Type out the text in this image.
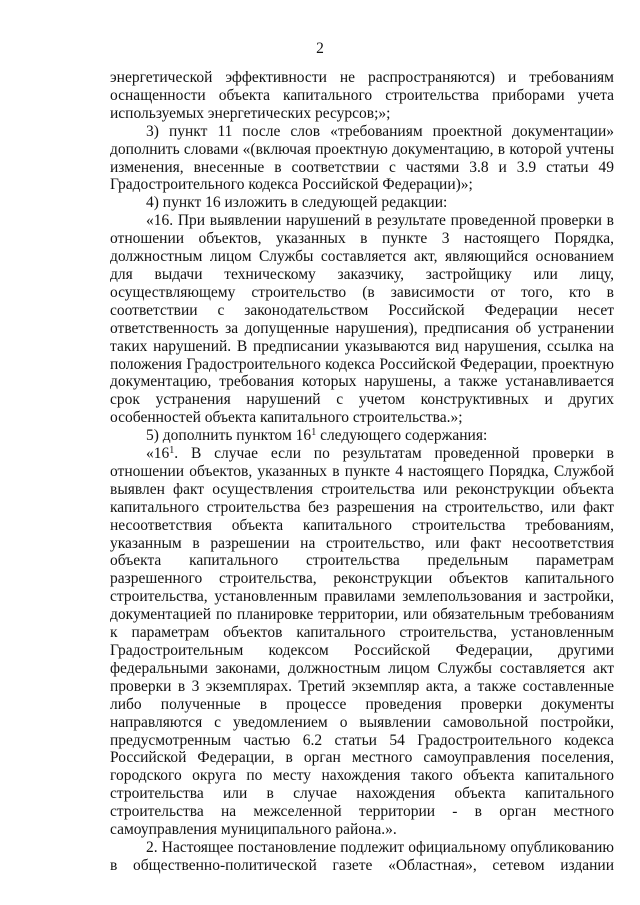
2

энергетической эффективности не распространяются) и требованиям оснащенности объекта капитального строительства приборами учета используемых энергетических ресурсов;»;

3) пункт 11 после слов «требованиям проектной документации» дополнить словами «(включая проектную документацию, в которой учтены изменения, внесенные в соответствии с частями 3.8 и 3.9 статьи 49 Градостроительного кодекса Российской Федерации)»;

4) пункт 16 изложить в следующей редакции:

«16. При выявлении нарушений в результате проведенной проверки в отношении объектов, указанных в пункте 3 настоящего Порядка, должностным лицом Службы составляется акт, являющийся основанием для выдачи техническому заказчику, застройщику или лицу, осуществляющему строительство (в зависимости от того, кто в соответствии с законодательством Российской Федерации несет ответственность за допущенные нарушения), предписания об устранении таких нарушений. В предписании указываются вид нарушения, ссылка на положения Градостроительного кодекса Российской Федерации, проектную документацию, требования которых нарушены, а также устанавливается срок устранения нарушений с учетом конструктивных и других особенностей объекта капитального строительства.»;

5) дополнить пунктом $16^1$ следующего содержания:

«$16^1$. В случае если по результатам проведенной проверки в отношении объектов, указанных в пункте 4 настоящего Порядка, Службой выявлен факт осуществления строительства или реконструкции объекта капитального строительства без разрешения на строительство, или факт несоответствия объекта капитального строительства требованиям, указанным в разрешении на строительство, или факт несоответствия объекта капитального строительства предельным параметрам разрешенного строительства, реконструкции объектов капитального строительства, установленным правилами землепользования и застройки, документацией по планировке территории, или обязательным требованиям к параметрам объектов капитального строительства, установленным Градостроительным кодексом Российской Федерации, другими федеральными законами, должностным лицом Службы составляется акт проверки в 3 экземплярах. Третий экземпляр акта, а также составленные либо полученные в процессе проведения проверки документы направляются с уведомлением о выявлении самовольной постройки, предусмотренным частью 6.2 статьи 54 Градостроительного кодекса Российской Федерации, в орган местного самоуправления поселения, городского округа по месту нахождения такого объекта капитального строительства или в случае нахождения объекта капитального строительства на межселенной территории - в орган местного самоуправления муниципального района.».

2. Настоящее постановление подлежит официальному опубликованию в общественно-политической газете «Областная», сетевом издании
